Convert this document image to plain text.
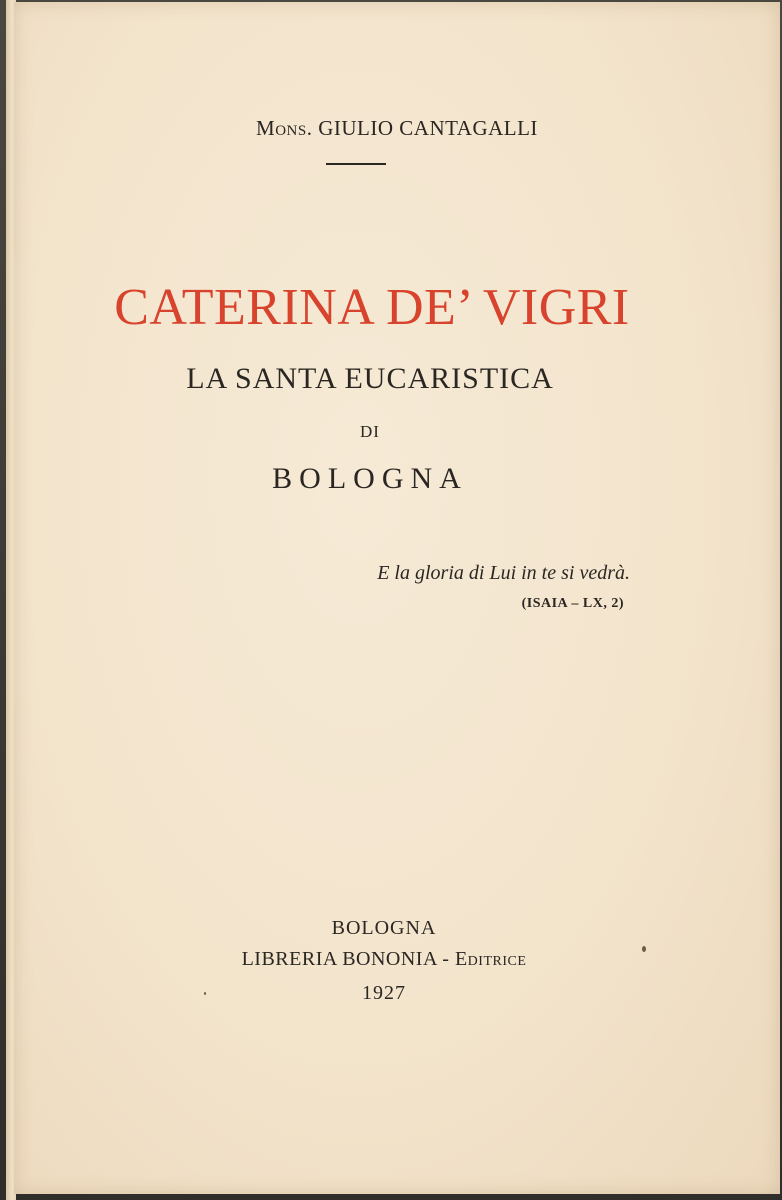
Mons. GIULIO CANTAGALLI
CATERINA DE’ VIGRI
LA SANTA EUCARISTICA
DI
BOLOGNA
E la gloria di Lui in te si vedrà.
(ISAIA – LX, 2)
BOLOGNA
LIBRERIA BONONIA - Editrice
1927
